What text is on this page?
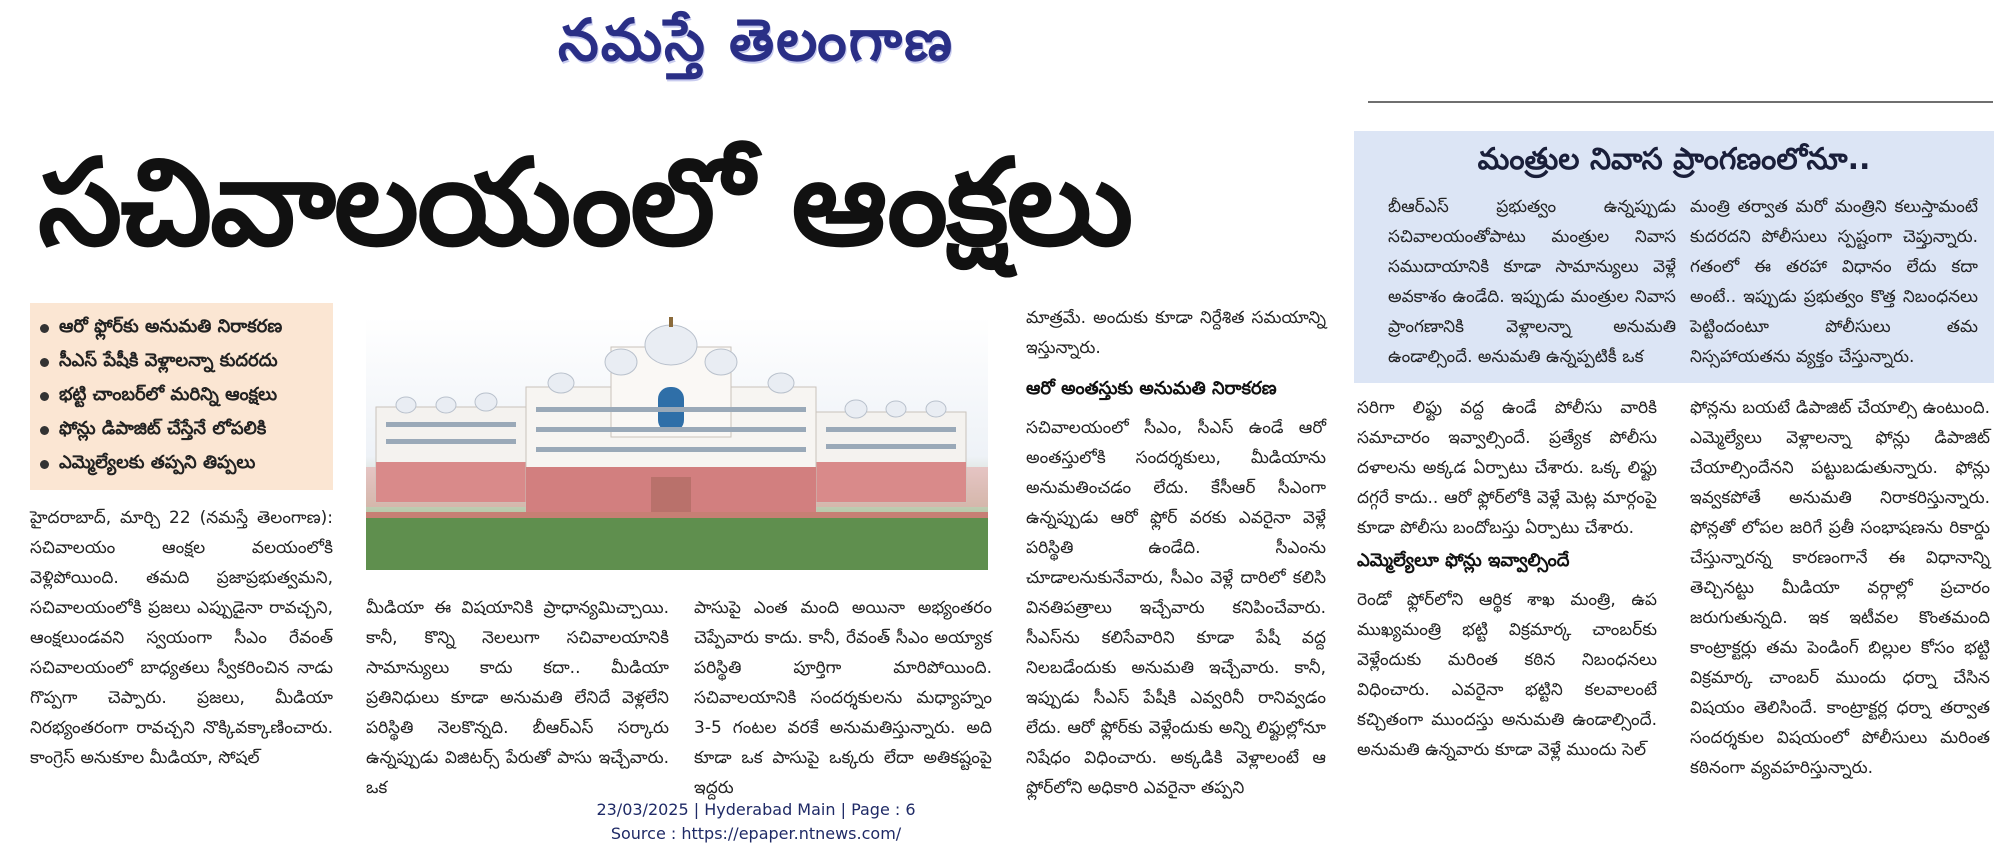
నమస్తే తెలంగాణ
సచివాలయంలో ఆంక్షలు	మంత్రుల నివాస ప్రాంగణంలోనూ..
బీఆర్‌ఎస్ ప్రభుత్వం ఉన్నప్పుడు సచివాలయంతోపాటు మంత్రుల నివాస సముదాయానికి కూడా సామాన్యులు వెళ్లే అవకాశం ఉండేది. ఇప్పుడు మంత్రుల నివాస ప్రాంగణానికి వెళ్లాలన్నా అనుమతి ఉండాల్సిందే. అనుమతి ఉన్నప్పటికీ ఒక
మంత్రి తర్వాత మరో మంత్రిని కలుస్తామంటే కుదరదని పోలీసులు స్పష్టంగా చెప్తున్నారు. గతంలో ఈ తరహా విధానం లేదు కదా అంటే.. ఇప్పుడు ప్రభుత్వం కొత్త నిబంధనలు పెట్టిందంటూ పోలీసులు తమ నిస్సహాయతను వ్యక్తం చేస్తున్నారు.
ఆరో ఫ్లోర్‌కు అనుమతి నిరాకరణ
సీఎస్ పేషీకి వెళ్లాలన్నా కుదరదు
భట్టి చాంబర్‌లో మరిన్ని ఆంక్షలు
ఫోన్లు డిపాజిట్ చేస్తేనే లోపలికి
ఎమ్మెల్యేలకు తప్పని తిప్పలు
హైదరాబాద్, మార్చి 22 (నమస్తే తెలంగాణ): సచివాలయం ఆంక్షల వలయంలోకి వెళ్లిపోయింది. తమది ప్రజాప్రభుత్వమని, సచివాలయంలోకి ప్రజలు ఎప్పుడైనా రావచ్చని, ఆంక్షలుండవని స్వయంగా సీఎం రేవంత్ సచివాలయంలో బాధ్యతలు స్వీకరించిన నాడు గొప్పగా చెప్పారు. ప్రజలు, మీడియా నిరభ్యంతరంగా రావచ్చని నొక్కివక్కాణించారు. కాంగ్రెస్ అనుకూల మీడియా, సోషల్
మీడియా ఈ విషయానికి ప్రాధాన్యమిచ్చాయి. కానీ, కొన్ని నెలలుగా సచివాలయానికి సామాన్యులు కాదు కదా.. మీడియా ప్రతినిధులు కూడా అనుమతి లేనిదే వెళ్లలేని పరిస్థితి నెలకొన్నది. బీఆర్‌ఎస్ సర్కారు ఉన్నప్పుడు విజిటర్స్ పేరుతో పాసు ఇచ్చేవారు. ఒక
పాసుపై ఎంత మంది అయినా అభ్యంతరం చెప్పేవారు కాదు. కానీ, రేవంత్ సీఎం అయ్యాక పరిస్థితి పూర్తిగా మారిపోయింది. సచివాలయానికి సందర్శకులను మధ్యాహ్నం 3-5 గంటల వరకే అనుమతిస్తున్నారు. అది కూడా ఒక పాసుపై ఒక్కరు లేదా అతికష్టంపై ఇద్దరు
మాత్రమే. అందుకు కూడా నిర్దేశిత సమయాన్ని ఇస్తున్నారు.
ఆరో అంతస్తుకు అనుమతి నిరాకరణ
సచివాలయంలో సీఎం, సీఎస్ ఉండే ఆరో అంతస్తులోకి సందర్శకులు, మీడియాను అనుమతించడం లేదు. కేసీఆర్ సీఎంగా ఉన్నప్పుడు ఆరో ఫ్లోర్ వరకు ఎవరైనా వెళ్లే పరిస్థితి ఉండేది. సీఎంను చూడాలనుకునేవారు, సీఎం వెళ్లే దారిలో కలిసి వినతిపత్రాలు ఇచ్చేవారు కనిపించేవారు. సీఎస్‌ను కలిసేవారిని కూడా పేషీ వద్ద నిలబడేందుకు అనుమతి ఇచ్చేవారు. కానీ, ఇప్పుడు సీఎస్ పేషీకి ఎవ్వరినీ రానివ్వడం లేదు. ఆరో ఫ్లోర్‌కు వెళ్లేందుకు అన్ని లిఫ్టుల్లోనూ నిషేధం విధించారు. అక్కడికి వెళ్లాలంటే ఆ ఫ్లోర్‌లోని అధికారి ఎవరైనా తప్పని
సరిగా లిఫ్టు వద్ద ఉండే పోలీసు వారికి సమాచారం ఇవ్వాల్సిందే. ప్రత్యేక పోలీసు దళాలను అక్కడ ఏర్పాటు చేశారు. ఒక్క లిఫ్టు దగ్గరే కాదు.. ఆరో ఫ్లోర్‌లోకి వెళ్లే మెట్ల మార్గంపై కూడా పోలీసు బందోబస్తు ఏర్పాటు చేశారు.
ఎమ్మెల్యేలూ ఫోన్లు ఇవ్వాల్సిందే
రెండో ఫ్లోర్‌లోని ఆర్థిక శాఖ మంత్రి, ఉప ముఖ్యమంత్రి భట్టి విక్రమార్క చాంబర్‌కు వెళ్లేందుకు మరింత కఠిన నిబంధనలు విధించారు. ఎవరైనా భట్టిని కలవాలంటే కచ్చితంగా ముందస్తు అనుమతి ఉండాల్సిందే. అనుమతి ఉన్నవారు కూడా వెళ్లే ముందు సెల్
ఫోన్లను బయటే డిపాజిట్ చేయాల్సి ఉంటుంది. ఎమ్మెల్యేలు వెళ్లాలన్నా ఫోన్లు డిపాజిట్ చేయాల్సిందేనని పట్టుబడుతున్నారు. ఫోన్లు ఇవ్వకపోతే అనుమతి నిరాకరిస్తున్నారు. ఫోన్లతో లోపల జరిగే ప్రతీ సంభాషణను రికార్డు చేస్తున్నారన్న కారణంగానే ఈ విధానాన్ని తెచ్చినట్టు మీడియా వర్గాల్లో ప్రచారం జరుగుతున్నది. ఇక ఇటీవల కొంతమంది కాంట్రాక్టర్లు తమ పెండింగ్ బిల్లుల కోసం భట్టి విక్రమార్క చాంబర్ ముందు ధర్నా చేసిన విషయం తెలిసిందే. కాంట్రాక్టర్ల ధర్నా తర్వాత సందర్శకుల విషయంలో పోలీసులు మరింత కఠినంగా వ్యవహరిస్తున్నారు.
23/03/2025 | Hyderabad Main | Page : 6
Source : https://epaper.ntnews.com/
